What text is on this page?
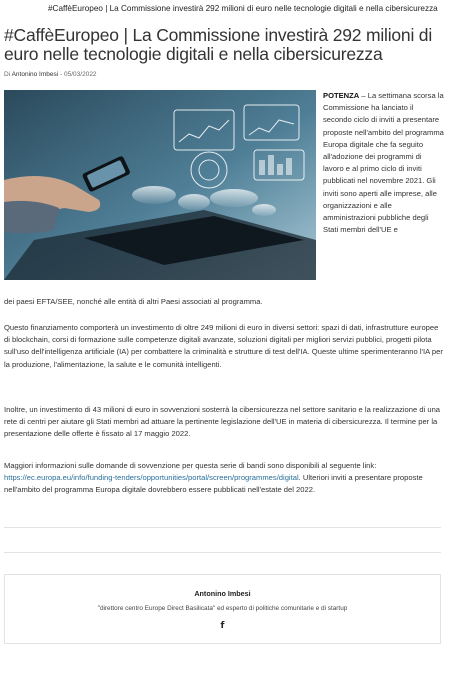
#CaffèEuropeo | La Commissione investirà 292 milioni di euro nelle tecnologie digitali e nella cibersicurezza
#CaffèEuropeo | La Commissione investirà 292 milioni di euro nelle tecnologie digitali e nella cibersicurezza
Di Antonino Imbesi - 05/03/2022
POTENZA – La settimana scorsa la Commissione ha lanciato il secondo ciclo di inviti a presentare proposte nell'ambito del programma Europa digitale che fa seguito all'adozione dei programmi di lavoro e al primo ciclo di inviti pubblicati nel novembre 2021. Gli inviti sono aperti alle imprese, alle organizzazioni e alle amministrazioni pubbliche degli Stati membri dell'UE e

dei paesi EFTA/SEE, nonché alle entità di altri Paesi associati al programma.

Questo finanziamento comporterà un investimento di oltre 249 milioni di euro in diversi settori: spazi di dati, infrastrutture europee di blockchain, corsi di formazione sulle competenze digitali avanzate, soluzioni digitali per migliori servizi pubblici, progetti pilota sull'uso dell'intelligenza artificiale (IA) per combattere la criminalità e strutture di test dell'IA. Queste ultime sperimenteranno l'IA per la produzione, l'alimentazione, la salute e le comunità intelligenti.

Inoltre, un investimento di 43 milioni di euro in sovvenzioni sosterrà la cibersicurezza nel settore sanitario e la realizzazione di una rete di centri per aiutare gli Stati membri ad attuare la pertinente legislazione dell'UE in materia di cibersicurezza. Il termine per la presentazione delle offerte è fissato al 17 maggio 2022.

Maggiori informazioni sulle domande di sovvenzione per questa serie di bandi sono disponibili al seguente link: https://ec.europa.eu/info/funding-tenders/opportunities/portal/screen/programmes/digital. Ulteriori inviti a presentare proposte nell'ambito del programma Europa digitale dovrebbero essere pubblicati nell'estate del 2022.

Antonino Imbesi
"direttore centro Europe Direct Basilicata" ed esperto di politiche comunitarie e di startup
f
